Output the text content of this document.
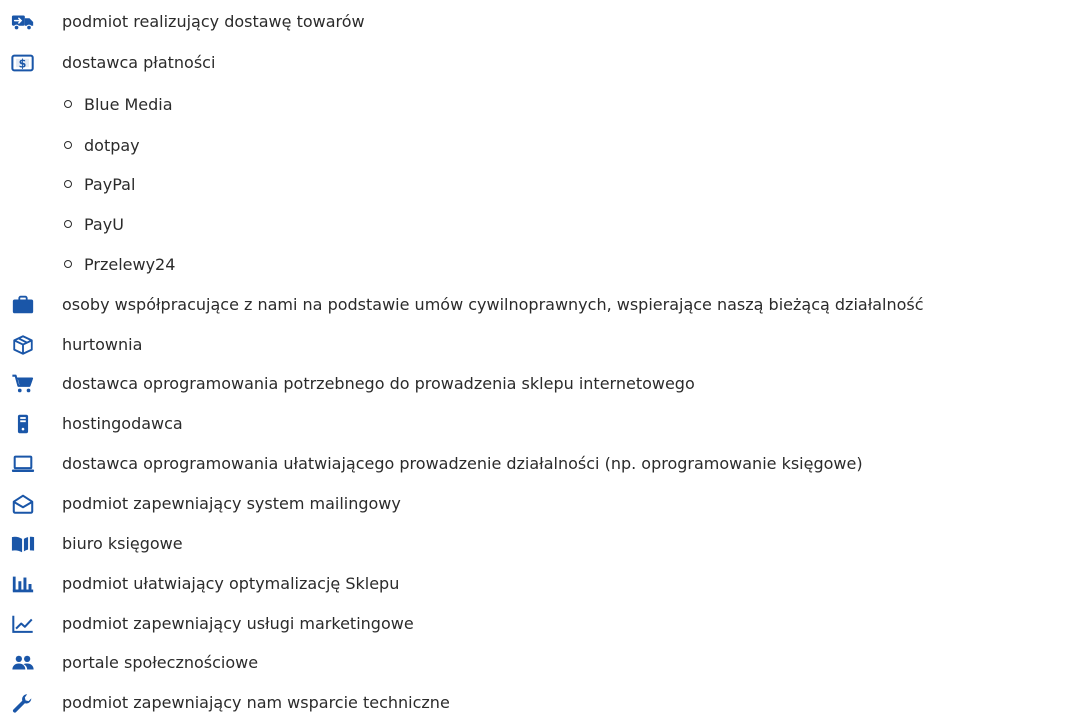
podmiot realizujący dostawę towarów
$ dostawca płatności
Blue Media
dotpay
PayPal
PayU
Przelewy24
osoby współpracujące z nami na podstawie umów cywilnoprawnych, wspierające naszą bieżącą działalność
hurtownia
dostawca oprogramowania potrzebnego do prowadzenia sklepu internetowego
hostingodawca
dostawca oprogramowania ułatwiającego prowadzenie działalności (np. oprogramowanie księgowe)
podmiot zapewniający system mailingowy
biuro księgowe
podmiot ułatwiający optymalizację Sklepu
podmiot zapewniający usługi marketingowe
portale społecznościowe
podmiot zapewniający nam wsparcie techniczne
